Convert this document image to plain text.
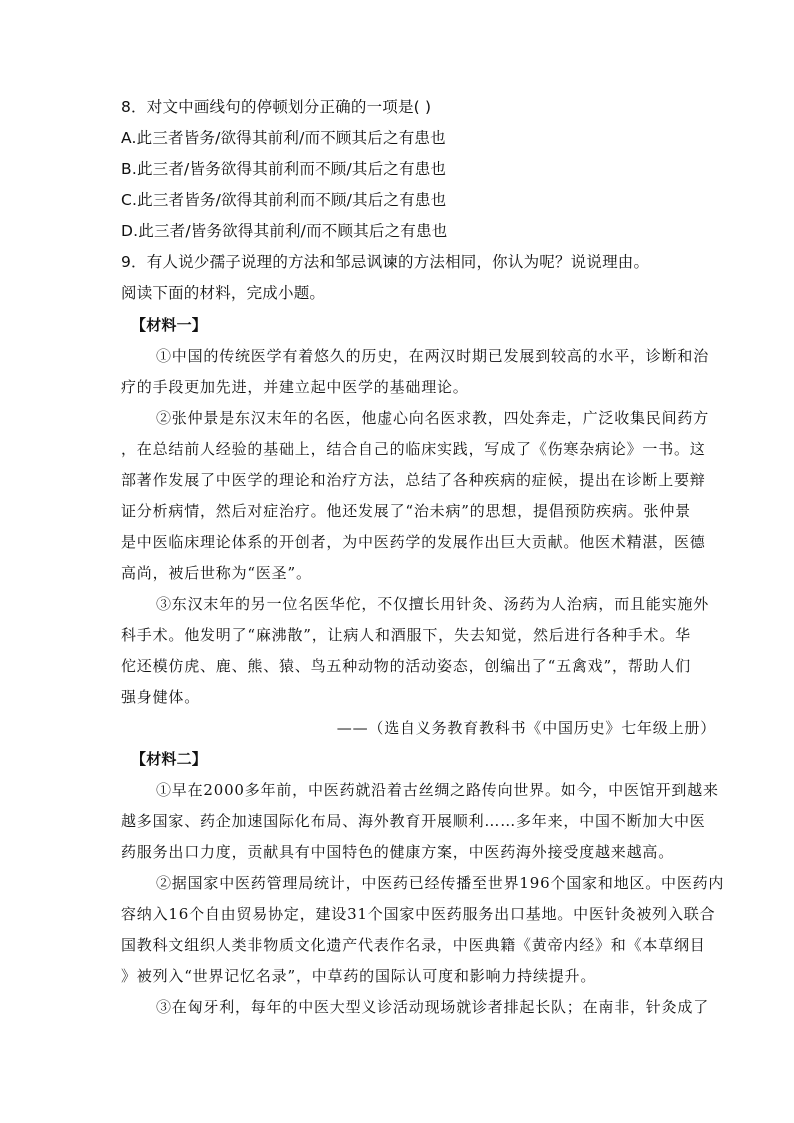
8．对文中画线句的停顿划分正确的一项是( )
A.此三者皆务/欲得其前利/而不顾其后之有患也
B.此三者/皆务欲得其前利而不顾/其后之有患也
C.此三者皆务/欲得其前利而不顾/其后之有患也
D.此三者/皆务欲得其前利/而不顾其后之有患也
9．有人说少孺子说理的方法和邹忌讽谏的方法相同，你认为呢？说说理由。
阅读下面的材料，完成小题。
【材料一】
①中国的传统医学有着悠久的历史，在两汉时期已发展到较高的水平，诊断和治
疗的手段更加先进，并建立起中医学的基础理论。
②张仲景是东汉末年的名医，他虚心向名医求教，四处奔走，广泛收集民间药方
，在总结前人经验的基础上，结合自己的临床实践，写成了《伤寒杂病论》一书。这
部著作发展了中医学的理论和治疗方法，总结了各种疾病的症候，提出在诊断上要辩
证分析病情，然后对症治疗。他还发展了“治未病”的思想，提倡预防疾病。张仲景
是中医临床理论体系的开创者，为中医药学的发展作出巨大贡献。他医术精湛，医德
高尚，被后世称为“医圣”。
③东汉末年的另一位名医华佗，不仅擅长用针灸、汤药为人治病，而且能实施外
科手术。他发明了“麻沸散”，让病人和酒服下，失去知觉，然后进行各种手术。华
佗还模仿虎、鹿、熊、猿、鸟五种动物的活动姿态，创编出了“五禽戏”，帮助人们
强身健体。
——（选自义务教育教科书《中国历史》七年级上册）
【材料二】
①早在2000多年前，中医药就沿着古丝绸之路传向世界。如今，中医馆开到越来
越多国家、药企加速国际化布局、海外教育开展顺利……多年来，中国不断加大中医
药服务出口力度，贡献具有中国特色的健康方案，中医药海外接受度越来越高。
②据国家中医药管理局统计，中医药已经传播至世界196个国家和地区。中医药内
容纳入16个自由贸易协定，建设31个国家中医药服务出口基地。中医针灸被列入联合
国教科文组织人类非物质文化遗产代表作名录，中医典籍《黄帝内经》和《本草纲目
》被列入“世界记忆名录”，中草药的国际认可度和影响力持续提升。
③在匈牙利，每年的中医大型义诊活动现场就诊者排起长队；在南非，针灸成了
